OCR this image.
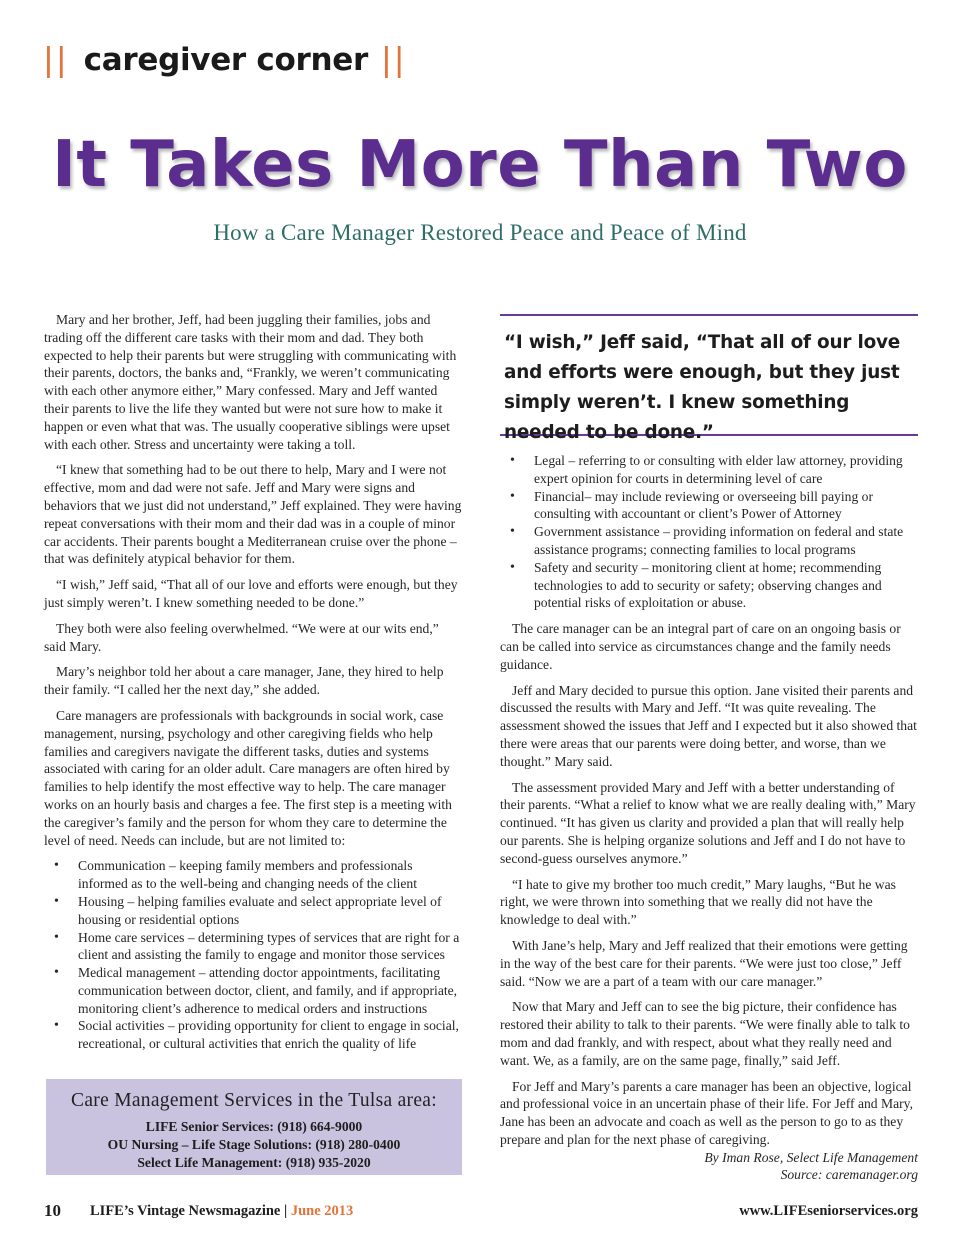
|| caregiver corner ||
It Takes More Than Two
How a Care Manager Restored Peace and Peace of Mind

Mary and her brother, Jeff, had been juggling their families, jobs and trading off the different care tasks with their mom and dad. They both expected to help their parents but were struggling with communicating with their parents, doctors, the banks and, “Frankly, we weren’t communicating with each other anymore either,” Mary confessed. Mary and Jeff wanted their parents to live the life they wanted but were not sure how to make it happen or even what that was. The usually cooperative siblings were upset with each other. Stress and uncertainty were taking a toll.

“I knew that something had to be out there to help, Mary and I were not effective, mom and dad were not safe. Jeff and Mary were signs and behaviors that we just did not understand,” Jeff explained. They were having repeat conversations with their mom and their dad was in a couple of minor car accidents. Their parents bought a Mediterranean cruise over the phone – that was definitely atypical behavior for them.

“I wish,” Jeff said, “That all of our love and efforts were enough, but they just simply weren’t. I knew something needed to be done.”

They both were also feeling overwhelmed. “We were at our wits end,” said Mary.

Mary’s neighbor told her about a care manager, Jane, they hired to help their family. “I called her the next day,” she added.

Care managers are professionals with backgrounds in social work, case management, nursing, psychology and other caregiving fields who help families and caregivers navigate the different tasks, duties and systems associated with caring for an older adult. Care managers are often hired by families to help identify the most effective way to help. The care manager works on an hourly basis and charges a fee. The first step is a meeting with the caregiver’s family and the person for whom they care to determine the level of need. Needs can include, but are not limited to:

• Communication – keeping family members and professionals informed as to the well-being and changing needs of the client
• Housing – helping families evaluate and select appropriate level of housing or residential options
• Home care services – determining types of services that are right for a client and assisting the family to engage and monitor those services
• Medical management – attending doctor appointments, facilitating communication between doctor, client, and family, and if appropriate, monitoring client’s adherence to medical orders and instructions
• Social activities – providing opportunity for client to engage in social, recreational, or cultural activities that enrich the quality of life
“I wish,” Jeff said, “That all of our love and efforts were enough, but they just simply weren’t. I knew something needed to be done.”
• Legal – referring to or consulting with elder law attorney, providing expert opinion for courts in determining level of care
• Financial– may include reviewing or overseeing bill paying or consulting with accountant or client’s Power of Attorney
• Government assistance – providing information on federal and state assistance programs; connecting families to local programs
• Safety and security – monitoring client at home; recommending technologies to add to security or safety; observing changes and potential risks of exploitation or abuse.

The care manager can be an integral part of care on an ongoing basis or can be called into service as circumstances change and the family needs guidance.

Jeff and Mary decided to pursue this option. Jane visited their parents and discussed the results with Mary and Jeff. “It was quite revealing. The assessment showed the issues that Jeff and I expected but it also showed that there were areas that our parents were doing better, and worse, than we thought.” Mary said.

The assessment provided Mary and Jeff with a better understanding of their parents. “What a relief to know what we are really dealing with,” Mary continued. “It has given us clarity and provided a plan that will really help our parents. She is helping organize solutions and Jeff and I do not have to second-guess ourselves anymore.”

“I hate to give my brother too much credit,” Mary laughs, “But he was right, we were thrown into something that we really did not have the knowledge to deal with.”

With Jane’s help, Mary and Jeff realized that their emotions were getting in the way of the best care for their parents. “We were just too close,” Jeff said. “Now we are a part of a team with our care manager.”

Now that Mary and Jeff can to see the big picture, their confidence has restored their ability to talk to their parents. “We were finally able to talk to mom and dad frankly, and with respect, about what they really need and want. We, as a family, are on the same page, finally,” said Jeff.

For Jeff and Mary’s parents a care manager has been an objective, logical and professional voice in an uncertain phase of their life. For Jeff and Mary, Jane has been an advocate and coach as well as the person to go to as they prepare and plan for the next phase of caregiving.

By Iman Rose, Select Life Management
Source: caremanager.org
Care Management Services in the Tulsa area:
LIFE Senior Services: (918) 664-9000
OU Nursing – Life Stage Solutions: (918) 280-0400
Select Life Management: (918) 935-2020
10 LIFE’s Vintage Newsmagazine | June 2013	www.LIFEseniorservices.org
